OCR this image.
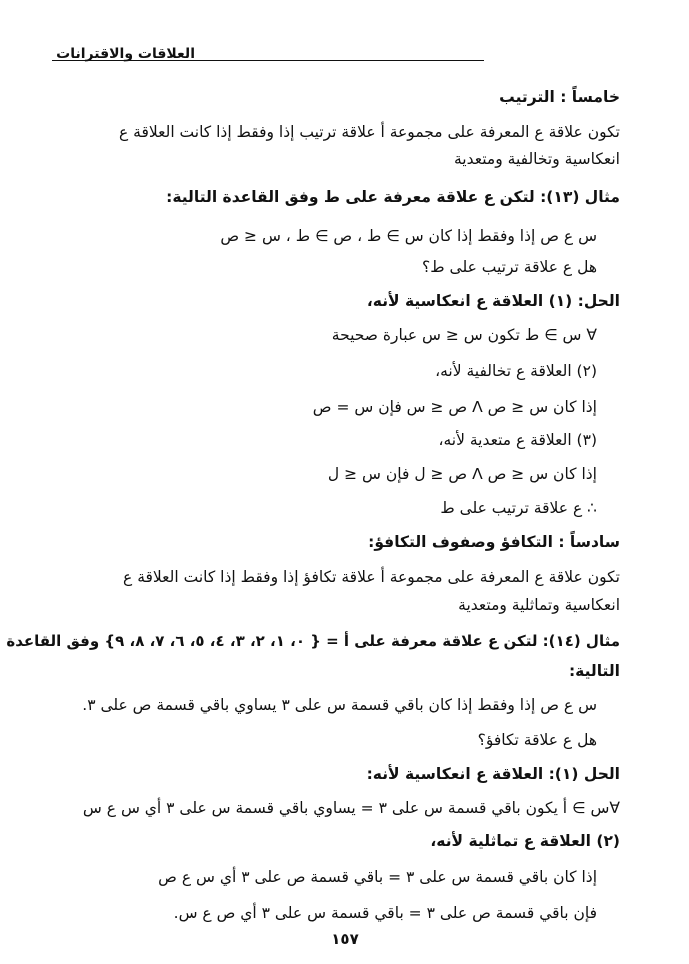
العلاقات والاقترانات
خامساً : الترتيب
تكون علاقة ع المعرفة على مجموعة أ علاقة ترتيب إذا وفقط إذا كانت العلاقة ع
انعكاسية وتخالفية ومتعدية
مثال (١٣): لتكن ع علاقة معرفة على ط وفق القاعدة التالية:
س ع ص إذا وفقط إذا كان س ∋ ط ، ص ∋ ط ، س ≤ ص
هل ع علاقة ترتيب على ط؟
الحل: (١) العلاقة ع انعكاسية لأنه،
∀ س ∋ ط تكون س ≤ س عبارة صحيحة
(٢) العلاقة ع تخالفية لأنه،
إذا كان س ≤ ص Λ ص ≤ س فإن س = ص
(٣) العلاقة ع متعدية لأنه،
إذا كان س ≤ ص Λ ص ≤ ل فإن س ≤ ل
∴ ع علاقة ترتيب على ط
سادساً : التكافؤ وصفوف التكافؤ:
تكون علاقة ع المعرفة على مجموعة أ علاقة تكافؤ إذا وفقط إذا كانت العلاقة ع
انعكاسية وتماثلية ومتعدية
مثال (١٤): لتكن ع علاقة معرفة على أ = { ٠، ١، ٢، ٣، ٤، ٥، ٦، ٧، ٨، ٩} وفق القاعدة
التالية:
س ع ص إذا وفقط إذا كان باقي قسمة س على ٣ يساوي باقي قسمة ص على ٣.
هل ع علاقة تكافؤ؟
الحل (١): العلاقة ع انعكاسية لأنه:
∀س ∋ أ يكون باقي قسمة س على ٣ = يساوي باقي قسمة س على ٣ أي س ع س
(٢) العلاقة ع تماثلية لأنه،
إذا كان باقي قسمة س على ٣ = باقي قسمة ص على ٣ أي س ع ص
فإن باقي قسمة ص على ٣ = باقي قسمة س على ٣ أي ص ع س.
١٥٧
